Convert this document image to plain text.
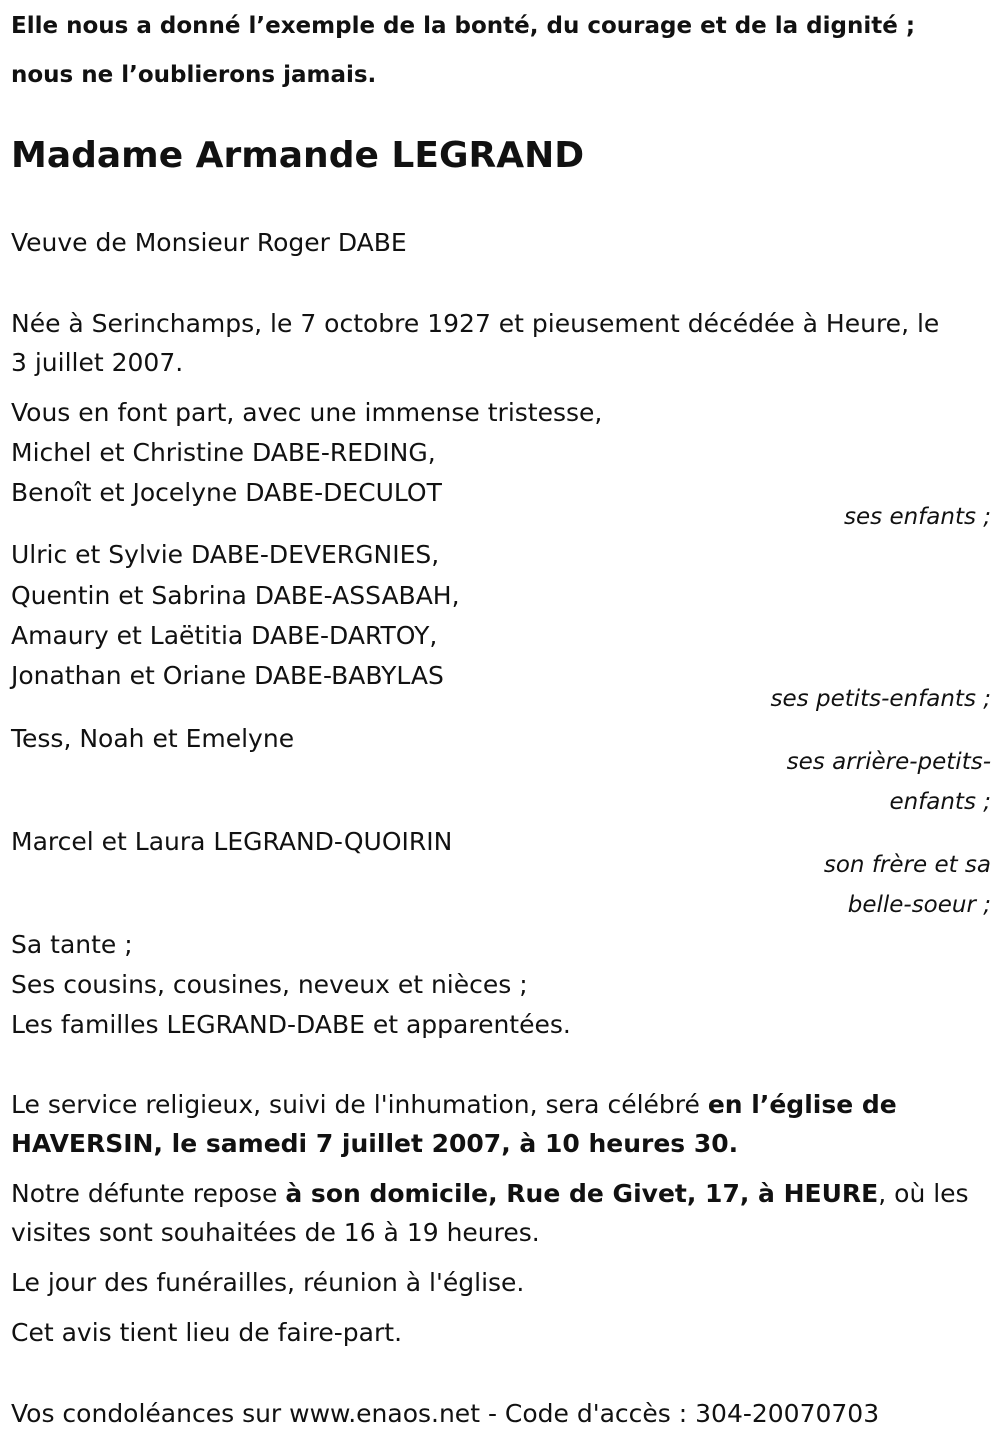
Elle nous a donné l’exemple de la bonté, du courage et de la dignité ;
nous ne l’oublierons jamais.
Madame Armande LEGRAND
Veuve de Monsieur Roger DABE
Née à Serinchamps, le 7 octobre 1927 et pieusement décédée à Heure, le
3 juillet 2007.
Vous en font part, avec une immense tristesse,
Michel et Christine DABE-REDING,
Benoît et Jocelyne DABE-DECULOT
ses enfants ;
Ulric et Sylvie DABE-DEVERGNIES,
Quentin et Sabrina DABE-ASSABAH,
Amaury et Laëtitia DABE-DARTOY,
Jonathan et Oriane DABE-BABYLAS
ses petits-enfants ;
Tess, Noah et Emelyne
ses arrière-petits-
enfants ;
Marcel et Laura LEGRAND-QUOIRIN
son frère et sa
belle-soeur ;
Sa tante ;
Ses cousins, cousines, neveux et nièces ;
Les familles LEGRAND-DABE et apparentées.
Le service religieux, suivi de l'inhumation, sera célébré en l’église de
HAVERSIN, le samedi 7 juillet 2007, à 10 heures 30.
Notre défunte repose à son domicile, Rue de Givet, 17, à HEURE, où les
visites sont souhaitées de 16 à 19 heures.
Le jour des funérailles, réunion à l'église.
Cet avis tient lieu de faire-part.
Vos condoléances sur www.enaos.net - Code d'accès : 304-20070703
